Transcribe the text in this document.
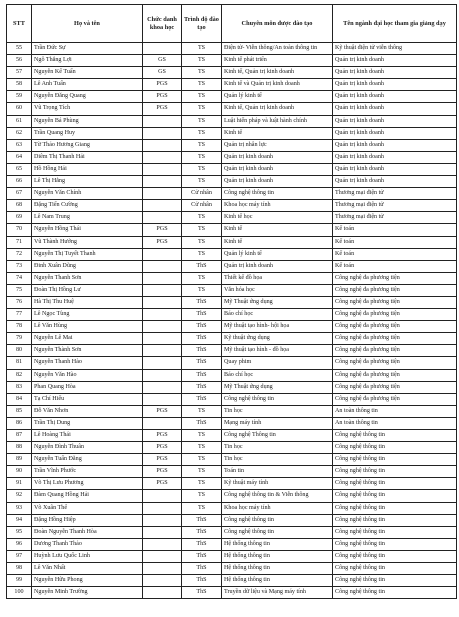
STT	Họ và tên	Chức danh khoa học	Trình độ đào tạo	Chuyên môn được đào tạo	Tên ngành đại học tham gia giảng dạy
55	Trần Đức Sự		TS	Điện tử- Viễn thông/An toàn thông tin	Kỹ thuật điện tử viễn thông
56	Ngô Thắng Lợi	GS	TS	Kinh tế phát triển	Quản trị kinh doanh
57	Nguyễn Kế Tuấn	GS	TS	Kinh tế, Quản trị kinh doanh	Quản trị kinh doanh
58	Lê Anh Tuấn	PGS	TS	Kinh tế và Quản trị kinh doanh	Quản trị kinh doanh
59	Nguyễn Đăng Quang	PGS	TS	Quản lý kinh tế	Quản trị kinh doanh
60	Vũ Trọng Tích	PGS	TS	Kinh tế, Quản trị kinh doanh	Quản trị kinh doanh
61	Nguyễn Bá Phùng		TS	Luật hiến pháp và luật hành chính	Quản trị kinh doanh
62	Trần Quang Huy		TS	Kinh tế	Quản trị kinh doanh
63	Từ Thảo Hương Giang		TS	Quản trị nhân lực	Quản trị kinh doanh
64	Diêm Thị Thanh Hải		TS	Quản trị kinh doanh	Quản trị kinh doanh
65	Hồ Hồng Hải		TS	Quản trị kinh doanh	Quản trị kinh doanh
66	Lê Thị Hằng		TS	Quản trị kinh doanh	Quản trị kinh doanh
67	Nguyễn Văn Chính		Cử nhân	Công nghệ thông tin	Thương mại điện tử
68	Đặng Tiến Cường		Cử nhân	Khoa học máy tính	Thương mại điện tử
69	Lê Nam Trung		TS	Kinh tế học	Thương mại điện tử
70	Nguyễn Hồng Thái	PGS	TS	Kinh tế	Kế toán
71	Vũ Thành Hưởng	PGS	TS	Kinh tế	Kế toán
72	Nguyễn Thị Tuyết Thanh		TS	Quản lý kinh tế	Kế toán
73	Đinh Xuân Dũng		ThS	Quản trị kinh doanh	Kế toán
74	Nguyễn Thanh Sơn		TS	Thiết kế đồ họa	Công nghệ đa phương tiện
75	Đoàn Thị Hồng Lư		TS	Văn hóa học	Công nghệ đa phương tiện
76	Hà Thị Thu Huệ		ThS	Mỹ Thuật ứng dụng	Công nghệ đa phương tiện
77	Lê Ngọc Tùng		ThS	Báo chí học	Công nghệ đa phương tiện
78	Lê Văn Hùng		ThS	Mỹ thuật tạo hình- hội họa	Công nghệ đa phương tiện
79	Nguyễn Lê Mai		ThS	Kỹ thuật ứng dụng	Công nghệ đa phương tiện
80	Nguyễn Thành Sơn		ThS	Mỹ thuật tạo hình - đồ họa	Công nghệ đa phương tiện
81	Nguyễn Thanh Hào		ThS	Quay phim	Công nghệ đa phương tiện
82	Nguyễn Văn Hào		ThS	Báo chí học	Công nghệ đa phương tiện
83	Phan Quang Hòa		ThS	Mỹ Thuật ứng dụng	Công nghệ đa phương tiện
84	Tạ Chí Hiếu		ThS	Công nghệ thông tin	Công nghệ đa phương tiện
85	Đỗ Văn Nhơn	PGS	TS	Tin học	An toàn thông tin
86	Trần Thị Dung		ThS	Mạng máy tính	An toàn thông tin
87	Lê Hoàng Thái	PGS	TS	Công nghệ Thông tin	Công nghệ thông tin
88	Nguyễn Đình Thuân	PGS	TS	Tin học	Công nghệ thông tin
89	Nguyễn Tuấn Đăng	PGS	TS	Tin học	Công nghệ thông tin
90	Trần Vĩnh Phước	PGS	TS	Toán tin	Công nghệ thông tin
91	Võ Thị Lưu Phương	PGS	TS	Kỹ thuật máy tính	Công nghệ thông tin
92	Đàm Quang Hồng Hải		TS	Công nghệ thông tin & Viễn thông	Công nghệ thông tin
93	Võ Xuân Thể		TS	Khoa học máy tính	Công nghệ thông tin
94	Đặng Hồng Hiệp		ThS	Công nghệ thông tin	Công nghệ thông tin
95	Đoàn Nguyễn Thanh Hòa		ThS	Công nghệ thông tin	Công nghệ thông tin
96	Dương Thanh Thảo		ThS	Hệ thống thông tin	Công nghệ thông tin
97	Huỳnh Lưu Quốc Linh		ThS	Hệ thống thông tin	Công nghệ thông tin
98	Lê Văn Nhất		ThS	Hệ thống thông tin	Công nghệ thông tin
99	Nguyễn Hữu Phong		ThS	Hệ thống thông tin	Công nghệ thông tin
100	Nguyễn Minh Trường		ThS	Truyền dữ liệu và Mạng máy tính	Công nghệ thông tin
